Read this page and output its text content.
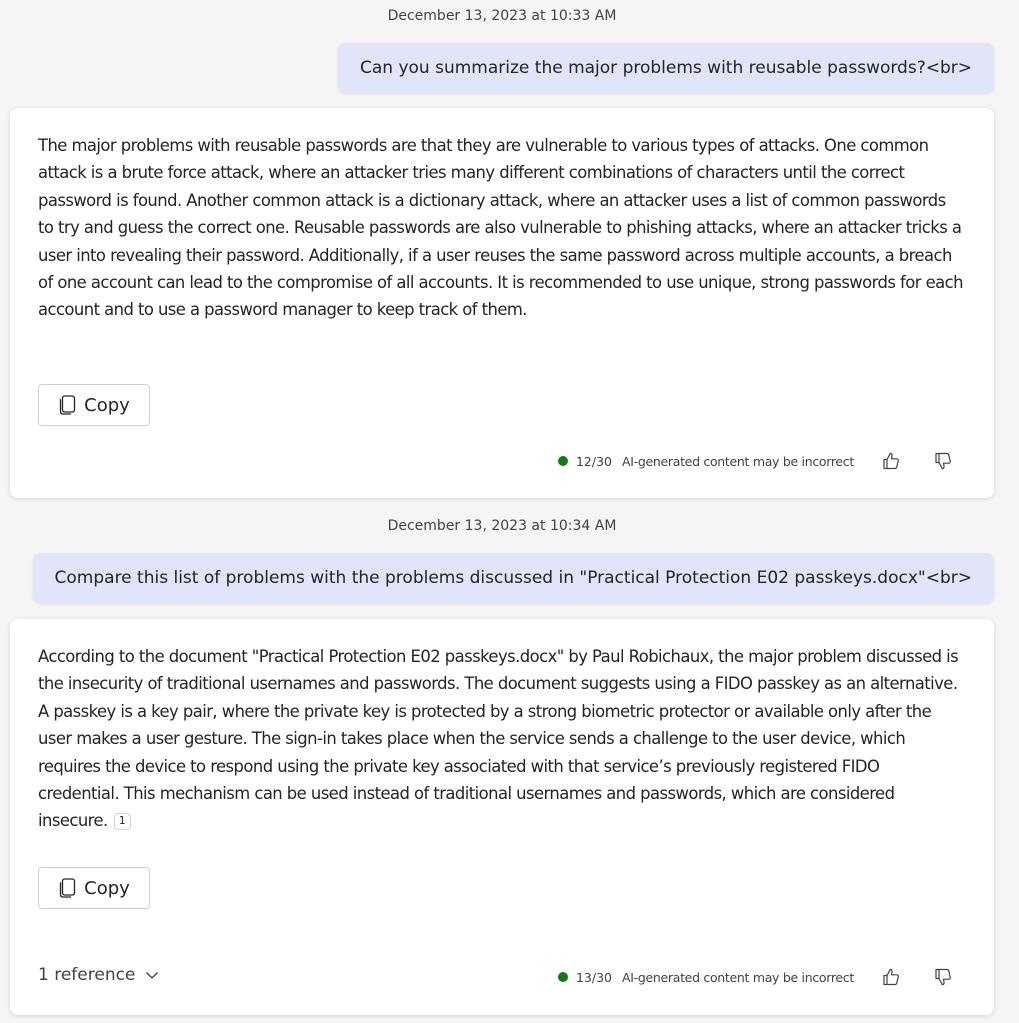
December 13, 2023 at 10:33 AM
Can you summarize the major problems with reusable passwords?<br>

The major problems with reusable passwords are that they are vulnerable to various types of attacks. One common attack is a brute force attack, where an attacker tries many different combinations of characters until the correct password is found. Another common attack is a dictionary attack, where an attacker uses a list of common passwords to try and guess the correct one. Reusable passwords are also vulnerable to phishing attacks, where an attacker tricks a user into revealing their password. Additionally, if a user reuses the same password across multiple accounts, a breach of one account can lead to the compromise of all accounts. It is recommended to use unique, strong passwords for each account and to use a password manager to keep track of them.

Copy
12/30 AI-generated content may be incorrect
December 13, 2023 at 10:34 AM
Compare this list of problems with the problems discussed in "Practical Protection E02 passkeys.docx"<br>

According to the document "Practical Protection E02 passkeys.docx" by Paul Robichaux, the major problem discussed is the insecurity of traditional usernames and passwords. The document suggests using a FIDO passkey as an alternative. A passkey is a key pair, where the private key is protected by a strong biometric protector or available only after the user makes a user gesture. The sign-in takes place when the service sends a challenge to the user device, which requires the device to respond using the private key associated with that service’s previously registered FIDO credential. This mechanism can be used instead of traditional usernames and passwords, which are considered insecure. 1

Copy
1 reference	13/30 AI-generated content may be incorrect
